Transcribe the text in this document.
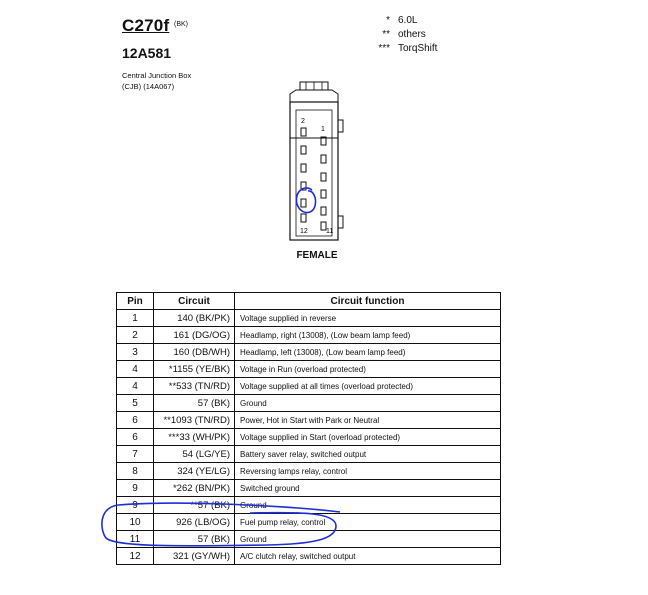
C270f (BK)
12A581
Central Junction Box
(CJB) (14A067)
* 6.0L
** others
*** TorqShift
2
1
12	11
FEMALE
Pin	Circuit	Circuit function
1	140 (BK/PK)	Voltage supplied in reverse
2	161 (DG/OG)	Headlamp, right (13008), (Low beam lamp feed)
3	160 (DB/WH)	Headlamp, left (13008), (Low beam lamp feed)
4	*1155 (YE/BK)	Voltage in Run (overload protected)
4	**533 (TN/RD)	Voltage supplied at all times (overload protected)
5	57 (BK)	Ground
6	**1093 (TN/RD)	Power, Hot in Start with Park or Neutral
6	***33 (WH/PK)	Voltage supplied in Start (overload protected)
7	54 (LG/YE)	Battery saver relay, switched output
8	324 (YE/LG)	Reversing lamps relay, control
9	*262 (BN/PK)	Switched ground
9	**57 (BK)	Ground
10	926 (LB/OG)	Fuel pump relay, control
11	57 (BK)	Ground
12	321 (GY/WH)	A/C clutch relay, switched output
